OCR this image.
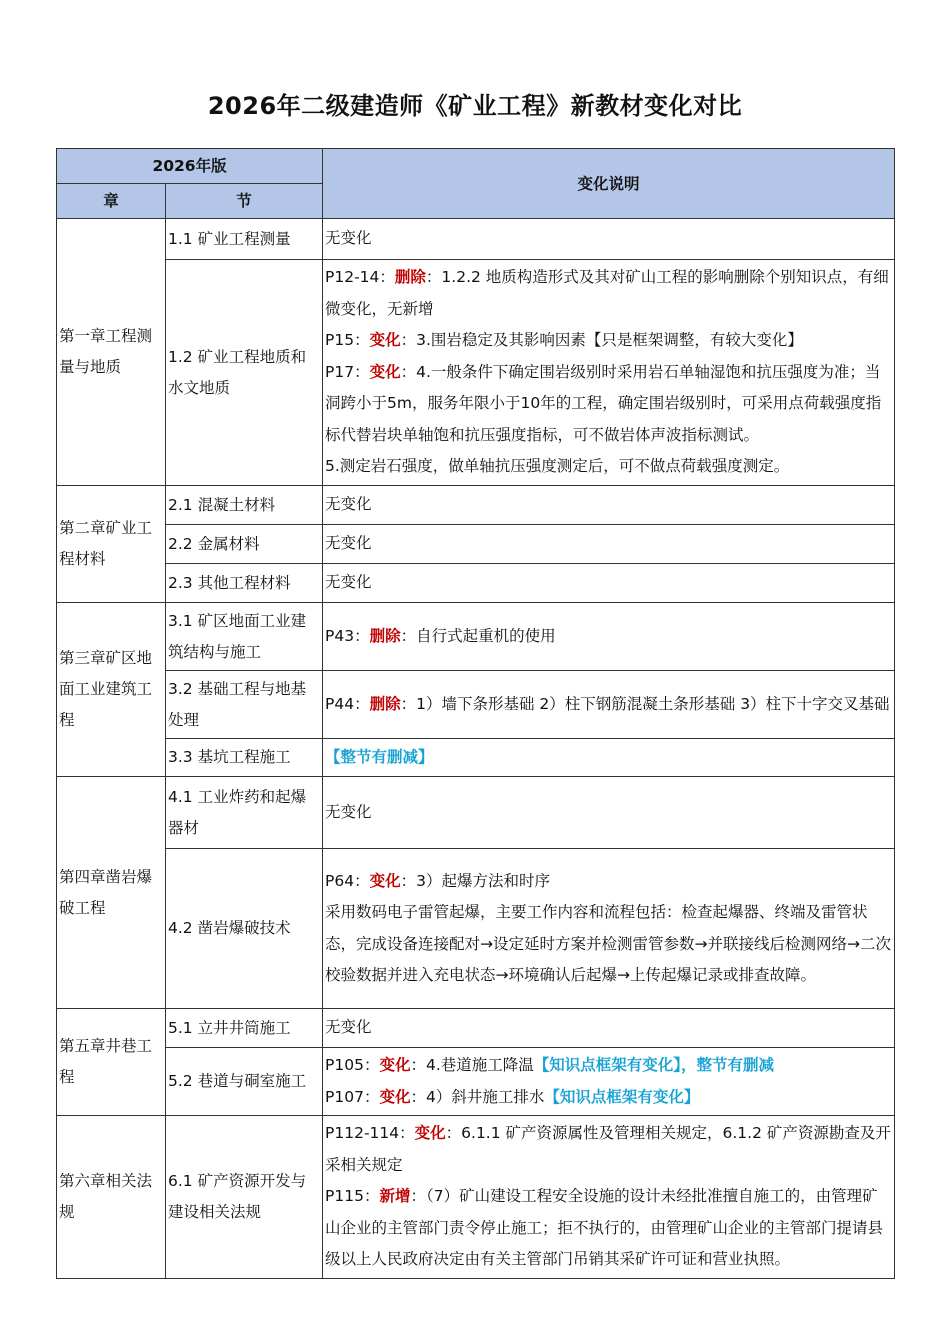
2026年二级建造师《矿业工程》新教材变化对比
2026年版		变化说明
章	节	
第一章工程测量与地质	1.1 矿业工程测量	无变化
	1.2 矿业工程地质和水文地质	P12-14：删除：1.2.2 地质构造形式及其对矿山工程的影响删除个别知识点，有细微变化，无新增
P15：变化：3.围岩稳定及其影响因素【只是框架调整，有较大变化】
P17：变化：4.一般条件下确定围岩级别时采用岩石单轴湿饱和抗压强度为准；当洞跨小于5m，服务年限小于10年的工程，确定围岩级别时，可采用点荷载强度指标代替岩块单轴饱和抗压强度指标，可不做岩体声波指标测试。
5.测定岩石强度，做单轴抗压强度测定后，可不做点荷载强度测定。

第二章矿业工程材料	2.1 混凝土材料	无变化
	2.2 金属材料	无变化
	2.3 其他工程材料	无变化
第三章矿区地面工业建筑工程	3.1 矿区地面工业建筑结构与施工	P43：删除：自行式起重机的使用
	3.2 基础工程与地基处理	P44：删除：1）墙下条形基础 2）柱下钢筋混凝土条形基础 3）柱下十字交叉基础
	3.3 基坑工程施工	【整节有删减】
第四章凿岩爆破工程	4.1 工业炸药和起爆器材	无变化
	4.2 凿岩爆破技术	P64：变化：3）起爆方法和时序
采用数码电子雷管起爆，主要工作内容和流程包括：检查起爆器、终端及雷管状态，完成设备连接配对→设定延时方案并检测雷管参数→并联接线后检测网络→二次校验数据并进入充电状态→环境确认后起爆→上传起爆记录或排查故障。

第五章井巷工程	5.1 立井井筒施工	无变化
	5.2 巷道与硐室施工	P105：变化：4.巷道施工降温【知识点框架有变化】，整节有删减
P107：变化：4）斜井施工排水【知识点框架有变化】

第六章相关法规	6.1 矿产资源开发与建设相关法规	P112-114：变化：6.1.1 矿产资源属性及管理相关规定，6.1.2 矿产资源勘查及开采相关规定
P115：新增：（7）矿山建设工程安全设施的设计未经批准擅自施工的，由管理矿山企业的主管部门责令停止施工；拒不执行的，由管理矿山企业的主管部门提请县级以上人民政府决定由有关主管部门吊销其采矿许可证和营业执照。
